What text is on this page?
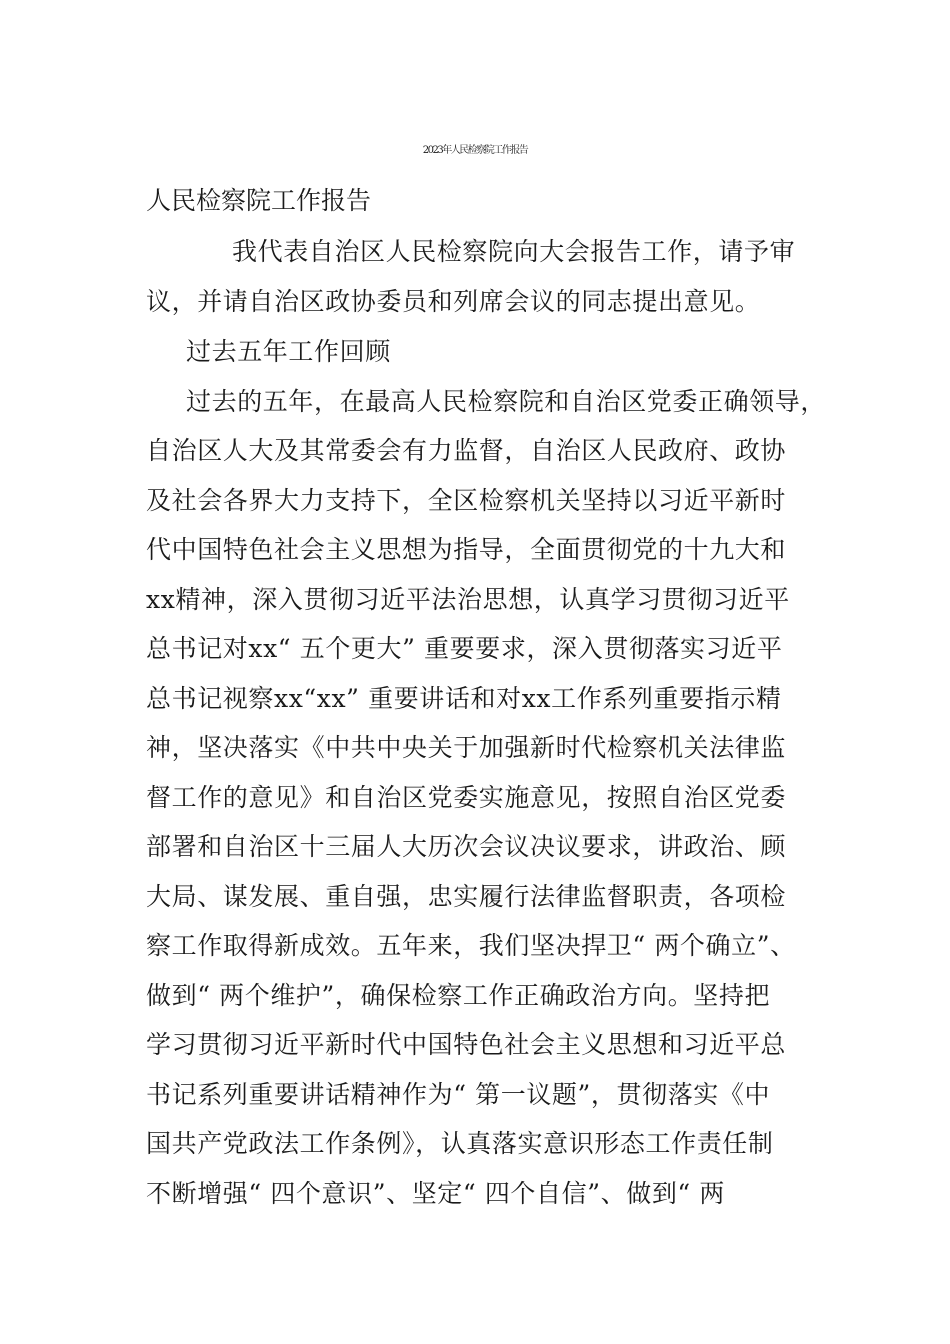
2023年人民检察院工作报告
人民检察院工作报告
我代表自治区人民检察院向大会报告工作，请予审
议，并请自治区政协委员和列席会议的同志提出意见。
过去五年工作回顾
过去的五年，在最高人民检察院和自治区党委正确领导，
自治区人大及其常委会有力监督，自治区人民政府、政协
及社会各界大力支持下，全区检察机关坚持以习近平新时
代中国特色社会主义思想为指导，全面贯彻党的十九大和
xx精神，深入贯彻习近平法治思想，认真学习贯彻习近平
总书记对xx“ 五个更大” 重要要求，深入贯彻落实习近平
总书记视察xx“xx” 重要讲话和对xx工作系列重要指示精
神，坚决落实《中共中央关于加强新时代检察机关法律监
督工作的意见》和自治区党委实施意见，按照自治区党委
部署和自治区十三届人大历次会议决议要求，讲政治、顾
大局、谋发展、重自强，忠实履行法律监督职责，各项检
察工作取得新成效。五年来，我们坚决捍卫“ 两个确立”、
做到“ 两个维护”，确保检察工作正确政治方向。坚持把
学习贯彻习近平新时代中国特色社会主义思想和习近平总
书记系列重要讲话精神作为“ 第一议题”，贯彻落实《中
国共产党政法工作条例》，认真落实意识形态工作责任制
不断增强“ 四个意识”、坚定“ 四个自信”、做到“ 两
